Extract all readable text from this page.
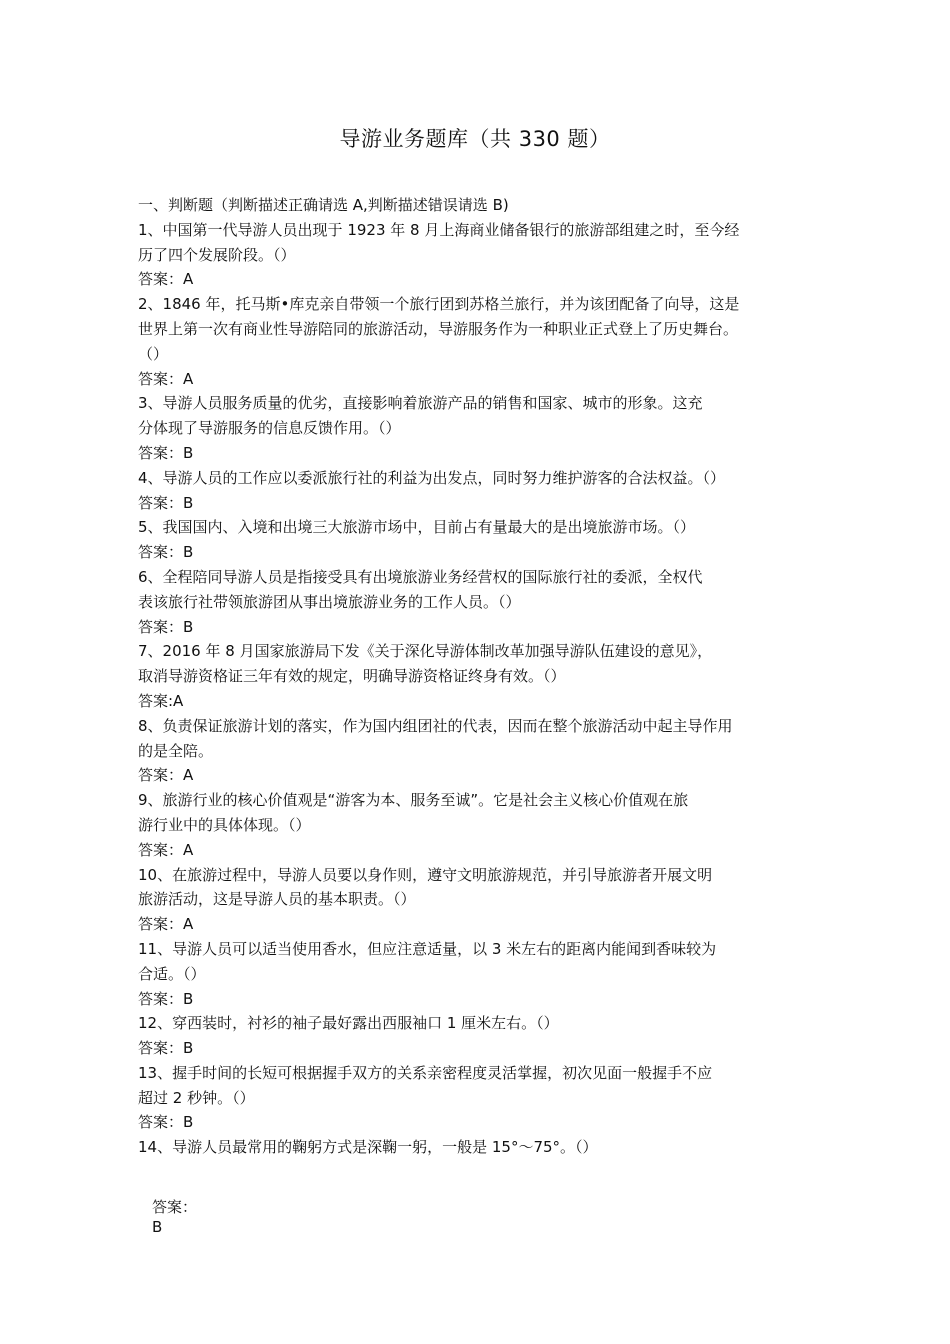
导游业务题库（共 330 题）
一、判断题（判断描述正确请选 A,判断描述错误请选 B)
1、中国第一代导游人员出现于 1923 年 8 月上海商业储备银行的旅游部组建之时，至今经
历了四个发展阶段。（）
答案：A
2、1846 年，托马斯•库克亲自带领一个旅行团到苏格兰旅行，并为该团配备了向导，这是
世界上第一次有商业性导游陪同的旅游活动，导游服务作为一种职业正式登上了历史舞台。
（）
答案：A
3、导游人员服务质量的优劣，直接影响着旅游产品的销售和国家、城市的形象。这充
分体现了导游服务的信息反馈作用。（）
答案：B
4、导游人员的工作应以委派旅行社的利益为出发点，同时努力维护游客的合法权益。（）
答案：B
5、我国国内、入境和出境三大旅游市场中，目前占有量最大的是出境旅游市场。（）
答案：B
6、全程陪同导游人员是指接受具有出境旅游业务经营权的国际旅行社的委派，全权代
表该旅行社带领旅游团从事出境旅游业务的工作人员。（）
答案：B
7、2016 年 8 月国家旅游局下发《关于深化导游体制改革加强导游队伍建设的意见》，
取消导游资格证三年有效的规定，明确导游资格证终身有效。（）
答案:A
8、负责保证旅游计划的落实，作为国内组团社的代表，因而在整个旅游活动中起主导作用
的是全陪。
答案：A
9、旅游行业的核心价值观是“游客为本、服务至诚”。它是社会主义核心价值观在旅
游行业中的具体体现。（）
答案：A
10、在旅游过程中，导游人员要以身作则，遵守文明旅游规范，并引导旅游者开展文明
旅游活动，这是导游人员的基本职责。（）
答案：A
11、导游人员可以适当使用香水，但应注意适量，以 3 米左右的距离内能闻到香味较为
合适。（）
答案：B
12、穿西装时，衬衫的袖子最好露出西服袖口 1 厘米左右。（）
答案：B
13、握手时间的长短可根据握手双方的关系亲密程度灵活掌握，初次见面一般握手不应
超过 2 秒钟。（）
答案：B
14、导游人员最常用的鞠躬方式是深鞠一躬，一般是 15°～75°。（）
答案：
B
